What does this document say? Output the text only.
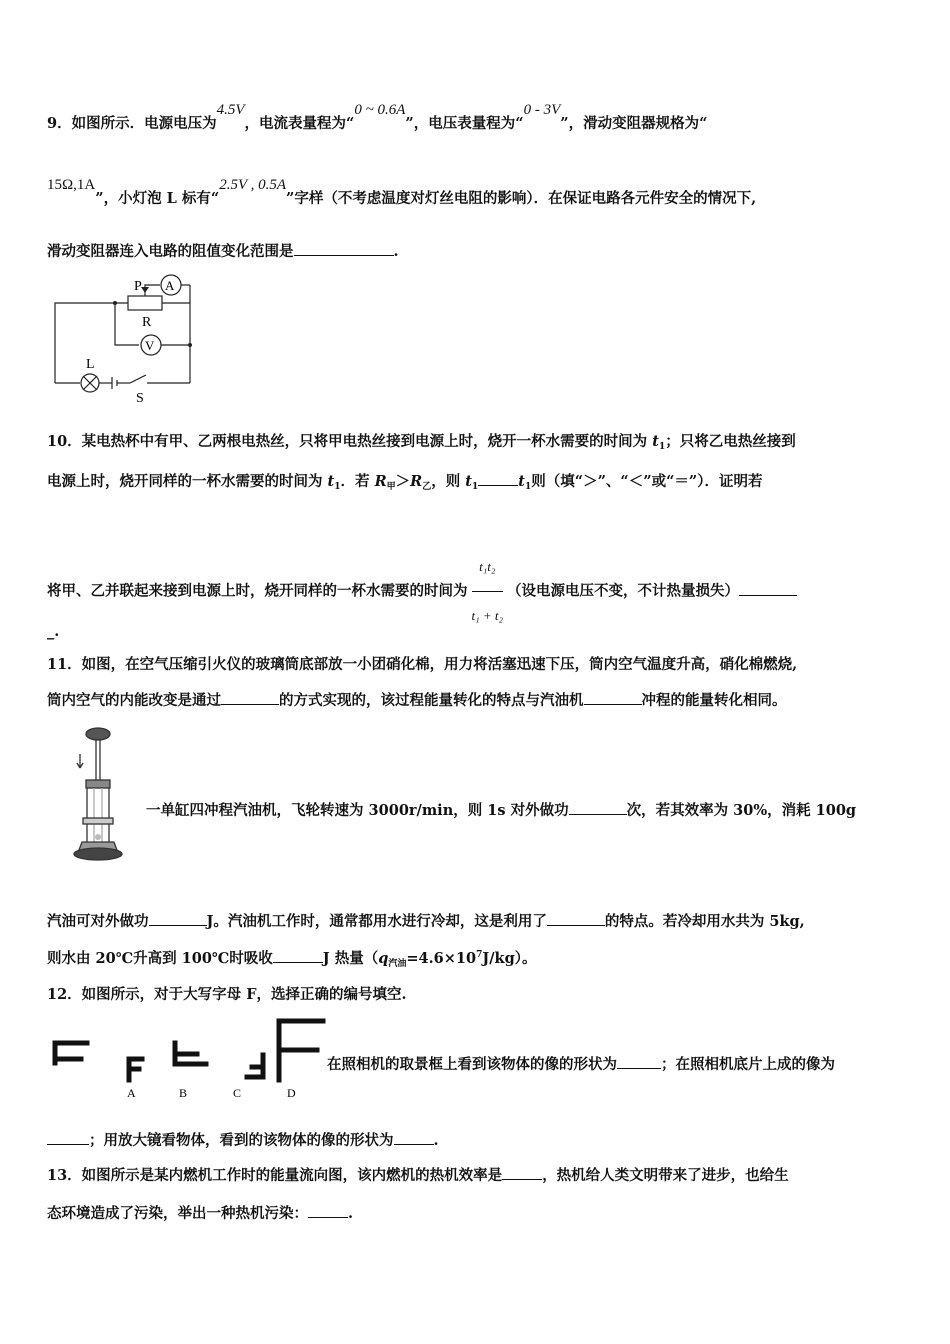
9．如图所示．电源电压为4.5V，电流表量程为“0 ~ 0.6A”，电压表量程为“0 - 3V”，滑动变阻器规格为“
15Ω,1A”，小灯泡 L 标有“2.5V , 0.5A”字样（不考虑温度对灯丝电阻的影响）．在保证电路各元件安全的情况下,
滑动变阻器连入电路的阻值变化范围是	.
P A
R
V
L
S
10．某电热杯中有甲、乙两根电热丝，只将甲电热丝接到电源上时，烧开一杯水需要的时间为 $t_1$；只将乙电热丝接到
电源上时，烧开同样的一杯水需要的时间为 $t_1$．若 $R_甲>R_乙$，则 $t_1$	$t_1$则（填“＞”、“＜”或“＝”）．证明若
将甲、乙并联起来接到电源上时，烧开同样的一杯水需要的时间为 $\frac{\text{t₁t₂}}{\text{t₁ + t₂}}$ （设电源电压不变，不计热量损失）
_.
11．如图，在空气压缩引火仪的玻璃筒底部放一小团硝化棉，用力将活塞迅速下压，筒内空气温度升高，硝化棉燃烧,
筒内空气的内能改变是通过	的方式实现的，该过程能量转化的特点与汽油机	冲程的能量转化相同。
一单缸四冲程汽油机，飞轮转速为 3000r/min，则 1s 对外做功	次，若其效率为 30%，消耗 100g
汽油可对外做功	J。汽油机工作时，通常都用水进行冷却，这是利用了	的特点。若冷却用水共为 5kg,
则水由 20℃升高到 100℃时吸收	J 热量$(q_{汽油}=4.6\times 10^7J/kg)$。
12．如图所示，对于大写字母 F，选择正确的编号填空.
A	B	C	D
在照相机的取景框上看到该物体的像的形状为	；在照相机底片上成的像为
；用放大镜看物体，看到的该物体的像的形状为	.
13．如图所示是某内燃机工作时的能量流向图，该内燃机的热机效率是	，热机给人类文明带来了进步，也给生
态环境造成了污染，举出一种热机污染：	.
